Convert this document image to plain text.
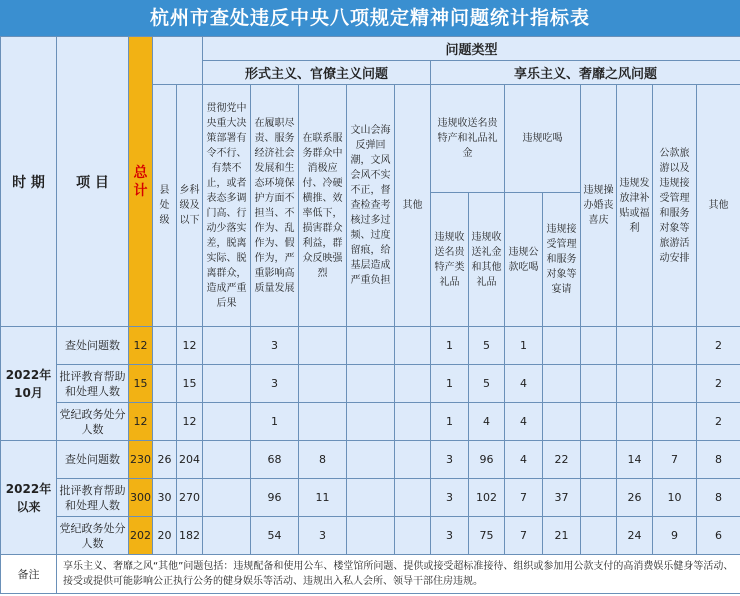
杭州市查处违反中央八项规定精神问题统计指标表
时 期	项 目	总计			问题类型												
					形式主义、官僚主义问题					享乐主义、奢靡之风问题							
			县处级	乡科级及以下	贯彻党中央重大决策部署有令不行、有禁不止，或者表态多调门高、行动少落实差，脱离实际、脱离群众，造成严重后果	在履职尽责、服务经济社会发展和生态环境保护方面不担当、不作为、乱作为、假作为，严重影响高质量发展	在联系服务群众中消极应付、冷硬横推、效率低下，损害群众利益，群众反映强烈	文山会海反弹回潮，文风会风不实不正，督查检查考核过多过频、过度留痕，给基层造成严重负担	其他	违规收送名贵特产和礼品礼金		违规吃喝		违规操办婚丧喜庆	违规发放津补贴或福利	公款旅游以及违规接受管理和服务对象等旅游活动安排	其他
										违规收送名贵特产类礼品	违规收送礼金和其他礼品	违规公款吃喝	违规接受管理和服务对象等宴请				
2022年10月	查处问题数	12		12		3				1	5	1					2
	批评教育帮助和处理人数	15		15		3				1	5	4					2
	党纪政务处分人数	12		12		1				1	4	4					2
2022年以来	查处问题数	230	26	204		68	8			3	96	4	22		14	7	8
	批评教育帮助和处理人数	300	30	270		96	11			3	102	7	37		26	10	8
	党纪政务处分人数	202	20	182		54	3			3	75	7	21		24	9	6
备注	享乐主义、奢靡之风“其他”问题包括：违规配备和使用公车、楼堂馆所问题、提供或接受超标准接待、组织或参加用公款支付的高消费娱乐健身等活动、接受或提供可能影响公正执行公务的健身娱乐等活动、违规出入私人会所、领导干部住房违规。																
